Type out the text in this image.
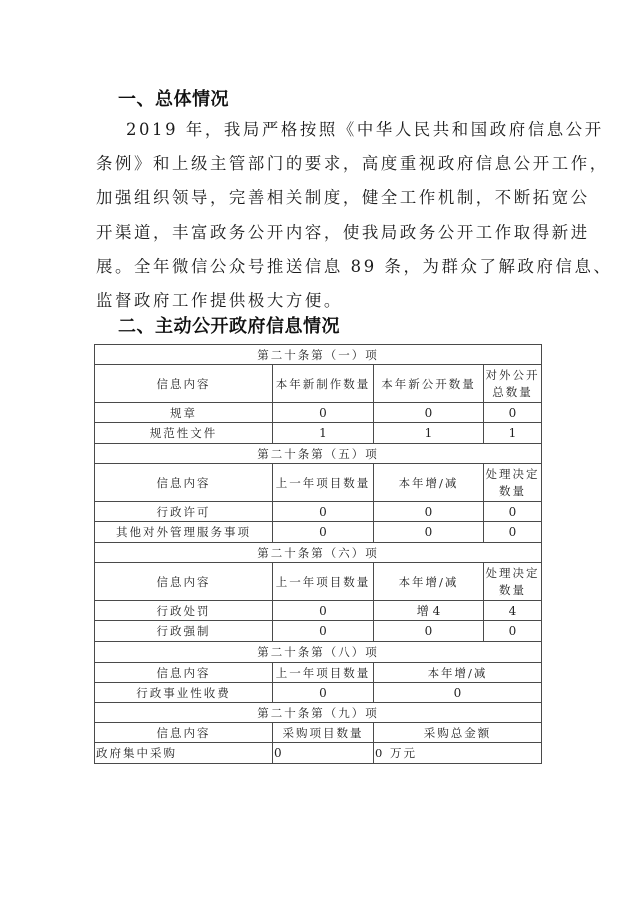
一、总体情况
2019 年，我局严格按照《中华人民共和国政府信息公开
条例》和上级主管部门的要求，高度重视政府信息公开工作，
加强组织领导，完善相关制度，健全工作机制，不断拓宽公
开渠道，丰富政务公开内容，使我局政务公开工作取得新进
展。全年微信公众号推送信息 89 条，为群众了解政府信息、
监督政府工作提供极大方便。
二、主动公开政府信息情况
第二十条第（一）项			
信息内容	本年新制作数量	本年新公开数量	对外公开总数量
规章	0	0	0
规范性文件	1	1	1
第二十条第（五）项			
信息内容	上一年项目数量	本年增/减	处理决定数量
行政许可	0	0	0
其他对外管理服务事项	0	0	0
第二十条第（六）项			
信息内容	上一年项目数量	本年增/减	处理决定数量
行政处罚	0	增 4	4
行政强制	0	0	0
第二十条第（八）项			
信息内容	上一年项目数量	本年增/减	
行政事业性收费	0	0	
第二十条第（九）项			
信息内容	采购项目数量	采购总金额	
政府集中采购	0	0 万元	
